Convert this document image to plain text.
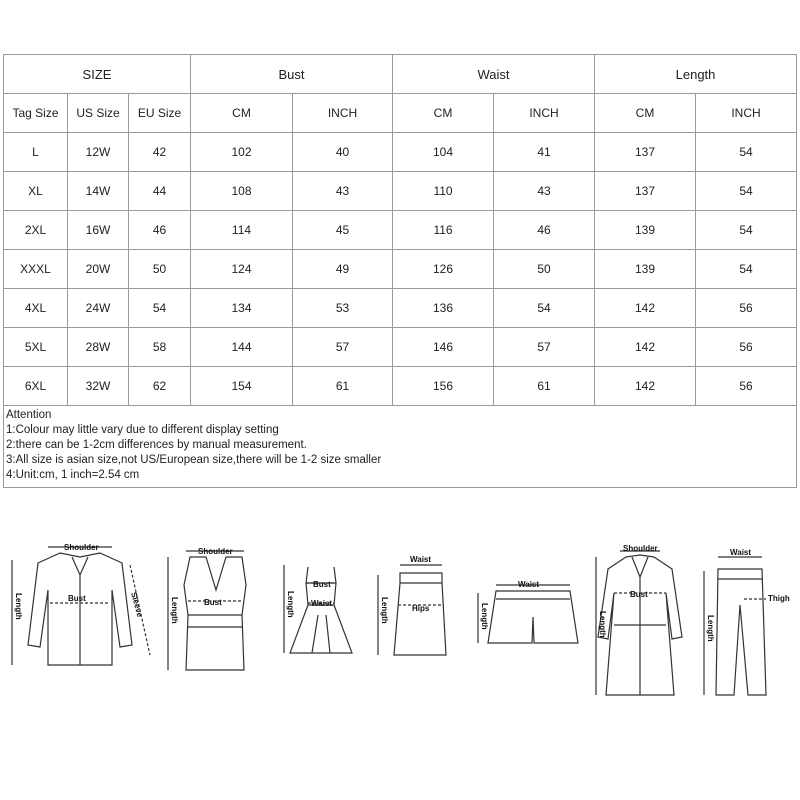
SIZE			Bust		Waist		Length	
Tag Size	US Size	EU Size	CM	INCH	CM	INCH	CM	INCH
L	12W	42	102	40	104	41	137	54
XL	14W	44	108	43	110	43	137	54
2XL	16W	46	114	45	116	46	139	54
XXXL	20W	50	124	49	126	50	139	54
4XL	24W	54	134	53	136	54	142	56
5XL	28W	58	144	57	146	57	142	56
6XL	32W	62	154	61	156	61	142	56

Attention
1:Colour may little vary due to different display setting
2:there can be 1-2cm differences by manual measurement.
3:All size is asian size,not US/European size,there will be 1-2 size smaller
4:Unit:cm, 1 inch=2.54 cm								
Shoulder
Bust	Sleeve
Length
Shoulder
Bust
Length
Bust
Waist
Length
Waist
Hips
Length
Waist
Length
Shoulder
Bust
Length
Waist
Thigh
Length
